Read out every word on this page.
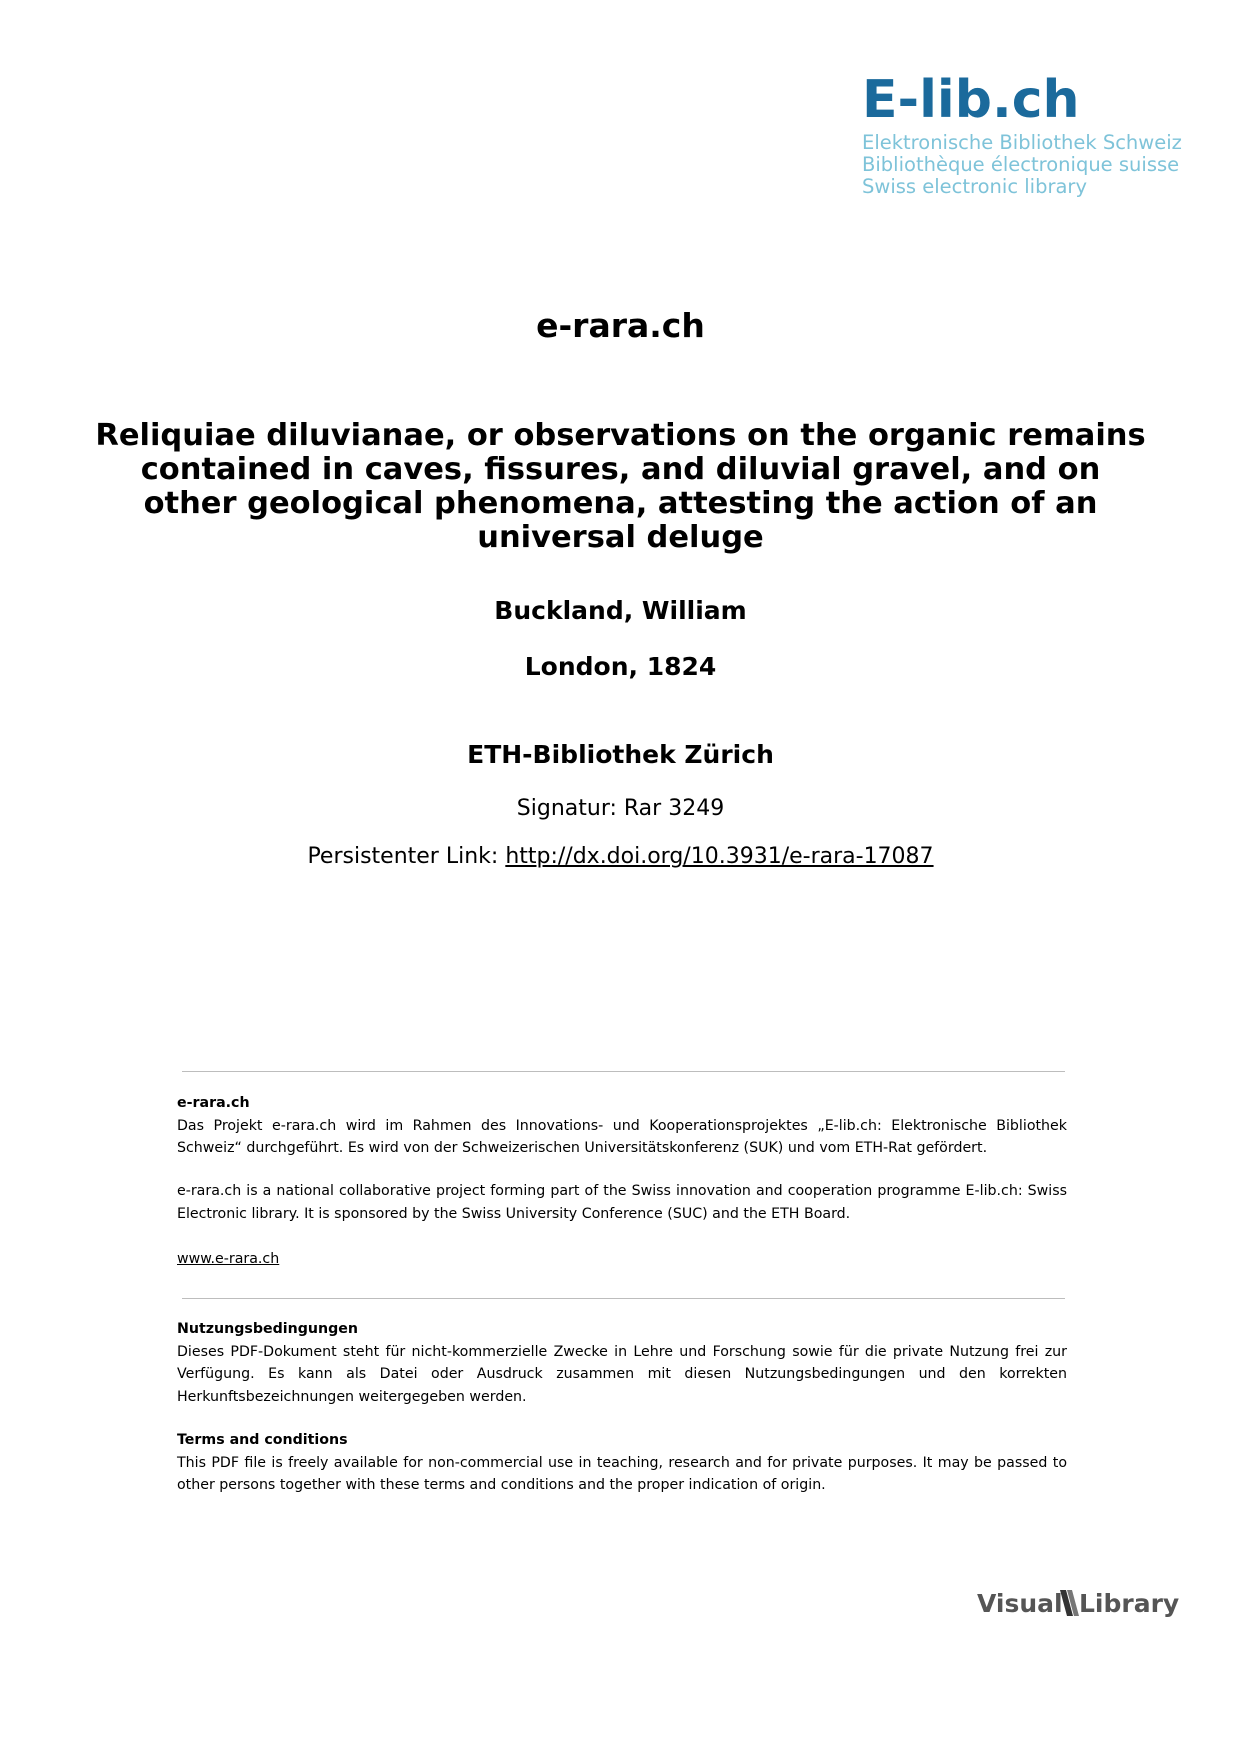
E-lib.ch
Elektronische Bibliothek Schweiz
Bibliothèque électronique suisse
Swiss electronic library
e-rara.ch
Reliquiae diluvianae, or observations on the organic remains contained in caves, fissures, and diluvial gravel, and on other geological phenomena, attesting the action of an universal deluge
Buckland, William
London, 1824
ETH-Bibliothek Zürich
Signatur: Rar 3249
Persistenter Link: http://dx.doi.org/10.3931/e-rara-17087
e-rara.ch
Das Projekt e-rara.ch wird im Rahmen des Innovations- und Kooperationsprojektes „E-lib.ch: Elektronische Bibliothek Schweiz“ durchgeführt. Es wird von der Schweizerischen Universitätskonferenz (SUK) und vom ETH-Rat gefördert.
e-rara.ch is a national collaborative project forming part of the Swiss innovation and cooperation programme E-lib.ch: Swiss Electronic library. It is sponsored by the Swiss University Conference (SUC) and the ETH Board.
www.e-rara.ch
Nutzungsbedingungen
Dieses PDF-Dokument steht für nicht-kommerzielle Zwecke in Lehre und Forschung sowie für die private Nutzung frei zur Verfügung. Es kann als Datei oder Ausdruck zusammen mit diesen Nutzungsbedingungen und den korrekten Herkunftsbezeichnungen weitergegeben werden.
Terms and conditions
This PDF file is freely available for non-commercial use in teaching, research and for private purposes. It may be passed to other persons together with these terms and conditions and the proper indication of origin.
Visual Library
